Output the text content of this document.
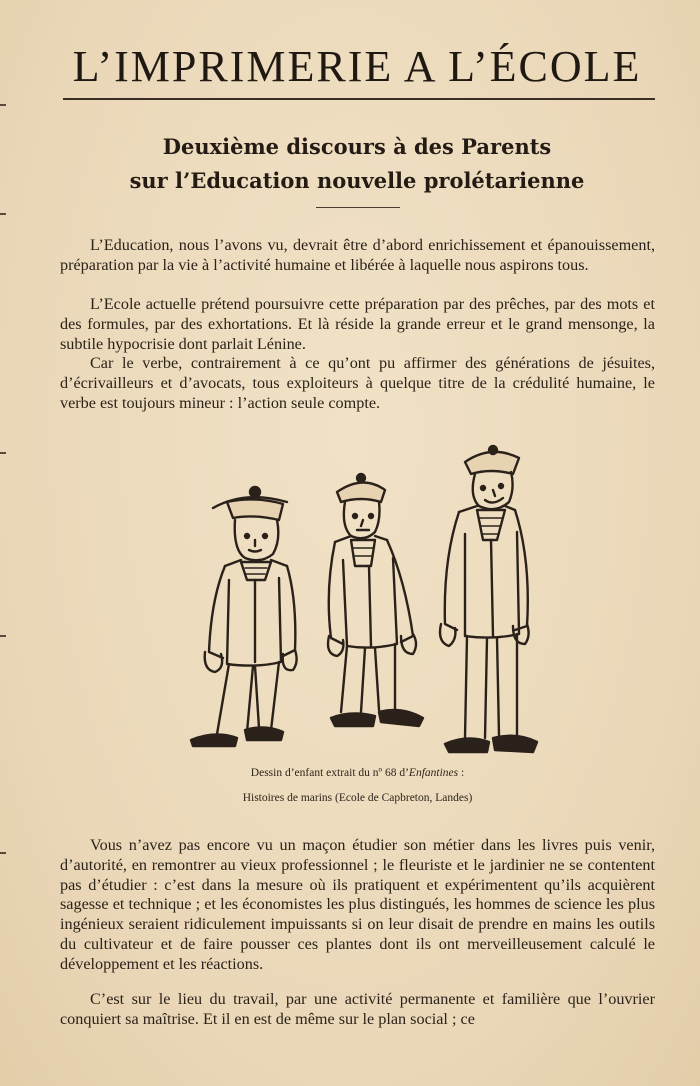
L’IMPRIMERIE A L’ÉCOLE
Deuxième discours à des Parents
sur l’Education nouvelle prolétarienne

L’Education, nous l’avons vu, devrait être d’abord enrichissement et épanouissement, préparation par la vie à l’activité humaine et libérée à laquelle nous aspirons tous.

L’Ecole actuelle prétend poursuivre cette préparation par des prêches, par des mots et des formules, par des exhortations. Et là réside la grande erreur et le grand mensonge, la subtile hypocrisie dont parlait Lénine.

Car le verbe, contrairement à ce qu’ont pu affirmer des générations de jésuites, d’écrivailleurs et d’avocats, tous exploiteurs à quelque titre de la crédulité humaine, le verbe est toujours mineur : l’action seule compte.

Dessin d’enfant extrait du nº 68 d’Enfantines :
Histoires de marins (Ecole de Capbreton, Landes)

Vous n’avez pas encore vu un maçon étudier son métier dans les livres puis venir, d’autorité, en remontrer au vieux professionnel ; le fleuriste et le jardinier ne se contentent pas d’étudier : c’est dans la mesure où ils pratiquent et expérimentent qu’ils acquièrent sagesse et technique ; et les économistes les plus distingués, les hommes de science les plus ingénieux seraient ridiculement impuissants si on leur disait de prendre en mains les outils du cultivateur et de faire pousser ces plantes dont ils ont merveilleusement calculé le développement et les réactions.

C’est sur le lieu du travail, par une activité permanente et familière que l’ouvrier conquiert sa maîtrise. Et il en est de même sur le plan social ; ce
